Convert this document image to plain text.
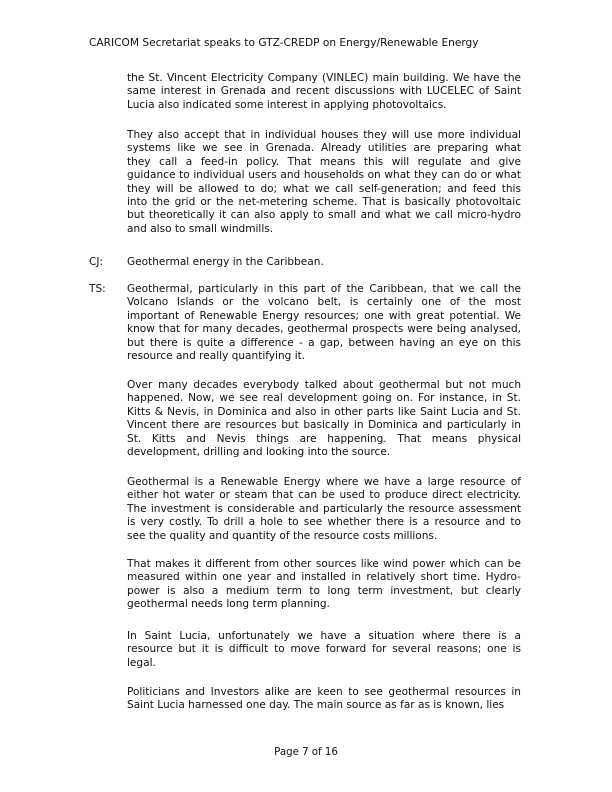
CARICOM Secretariat speaks to GTZ-CREDP on Energy/Renewable Energy
the St. Vincent Electricity Company (VINLEC) main building. We have the
same interest in Grenada and recent discussions with LUCELEC of Saint
Lucia also indicated some interest in applying photovoltaics.
They also accept that in individual houses they will use more individual
systems like we see in Grenada. Already utilities are preparing what
they call a feed-in policy. That means this will regulate and give
guidance to individual users and households on what they can do or what
they will be allowed to do; what we call self-generation; and feed this
into the grid or the net-metering scheme. That is basically photovoltaic
but theoretically it can also apply to small and what we call micro-hydro
and also to small windmills.
CJ: Geothermal energy in the Caribbean.
TS: Geothermal, particularly in this part of the Caribbean, that we call the
Volcano Islands or the volcano belt, is certainly one of the most
important of Renewable Energy resources; one with great potential. We
know that for many decades, geothermal prospects were being analysed,
but there is quite a difference - a gap, between having an eye on this
resource and really quantifying it.
Over many decades everybody talked about geothermal but not much
happened. Now, we see real development going on. For instance, in St.
Kitts & Nevis, in Dominica and also in other parts like Saint Lucia and St.
Vincent there are resources but basically in Dominica and particularly in
St. Kitts and Nevis things are happening. That means physical
development, drilling and looking into the source.
Geothermal is a Renewable Energy where we have a large resource of
either hot water or steam that can be used to produce direct electricity.
The investment is considerable and particularly the resource assessment
is very costly. To drill a hole to see whether there is a resource and to
see the quality and quantity of the resource costs millions.
That makes it different from other sources like wind power which can be
measured within one year and installed in relatively short time. Hydro-
power is also a medium term to long term investment, but clearly
geothermal needs long term planning.
In Saint Lucia, unfortunately we have a situation where there is a
resource but it is difficult to move forward for several reasons; one is
legal.
Politicians and Investors alike are keen to see geothermal resources in
Saint Lucia harnessed one day. The main source as far as is known, lies
Page 7 of 16
